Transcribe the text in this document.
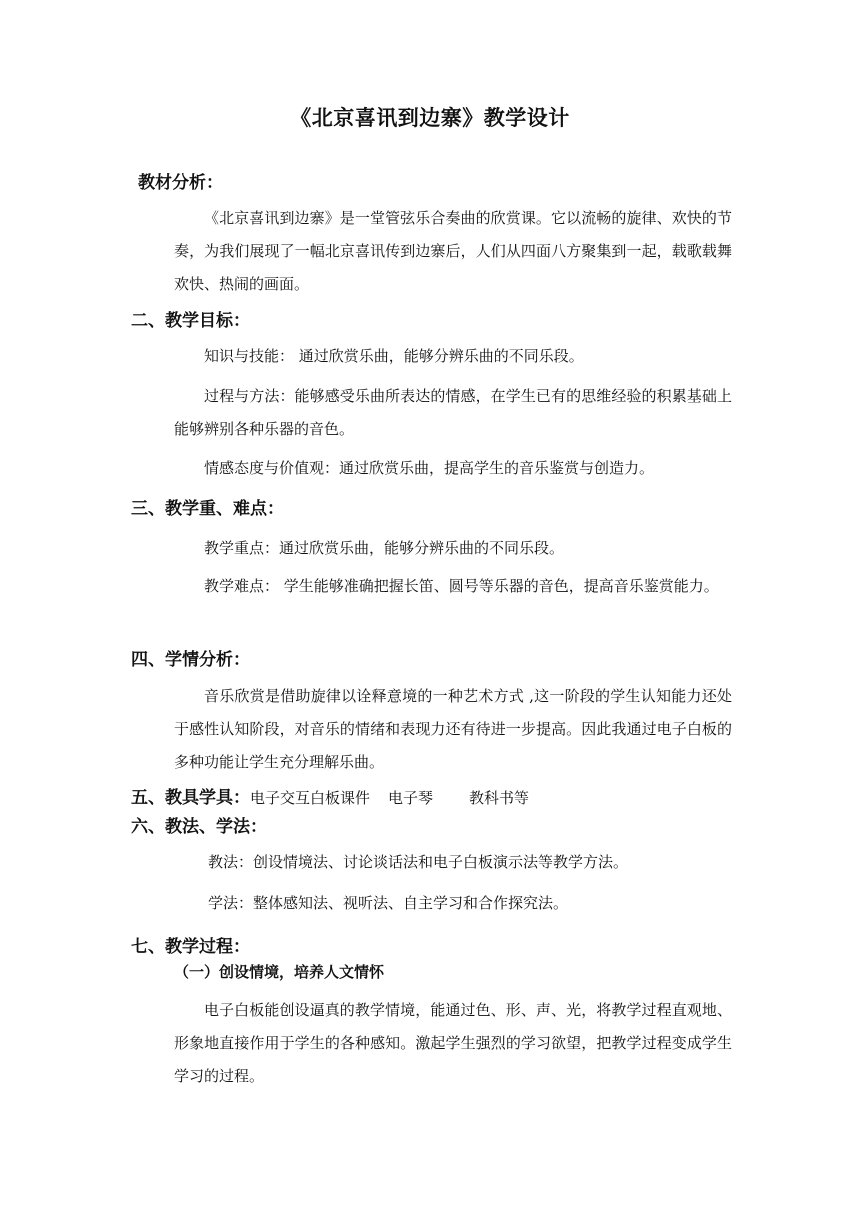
《北京喜讯到边寨》教学设计
教材分析：
《北京喜讯到边寨》是一堂管弦乐合奏曲的欣赏课。它以流畅的旋律、欢快的节奏，为我们展现了一幅北京喜讯传到边寨后，人们从四面八方聚集到一起，载歌载舞欢快、热闹的画面。
二、教学目标：
知识与技能： 通过欣赏乐曲，能够分辨乐曲的不同乐段。
过程与方法：能够感受乐曲所表达的情感，在学生已有的思维经验的积累基础上能够辨别各种乐器的音色。
情感态度与价值观：通过欣赏乐曲，提高学生的音乐鉴赏与创造力。
三、教学重、难点：
教学重点：通过欣赏乐曲，能够分辨乐曲的不同乐段。
教学难点： 学生能够准确把握长笛、圆号等乐器的音色，提高音乐鉴赏能力。
四、学情分析：
音乐欣赏是借助旋律以诠释意境的一种艺术方式 ,这一阶段的学生认知能力还处于感性认知阶段，对音乐的情绪和表现力还有待进一步提高。因此我通过电子白板的多种功能让学生充分理解乐曲。
五、教具学具：电子交互白板课件 电子琴 教科书等
六、教法、学法：
教法：创设情境法、讨论谈话法和电子白板演示法等教学方法。
学法：整体感知法、视听法、自主学习和合作探究法。
七、教学过程：
（一）创设情境，培养人文情怀
电子白板能创设逼真的教学情境，能通过色、形、声、光，将教学过程直观地、形象地直接作用于学生的各种感知。激起学生强烈的学习欲望，把教学过程变成学生学习的过程。
